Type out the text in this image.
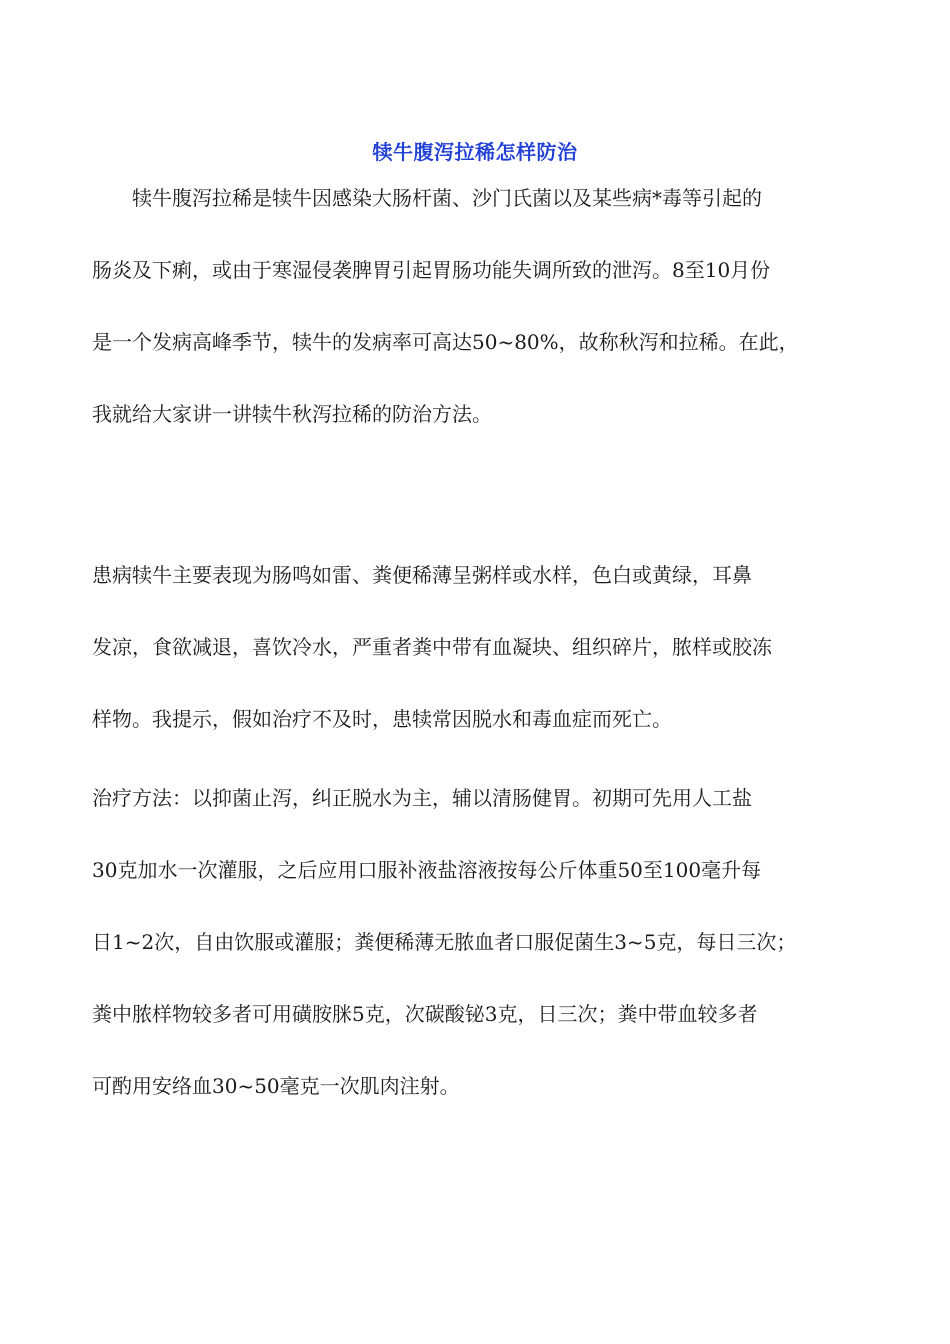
犊牛腹泻拉稀怎样防治
　　犊牛腹泻拉稀是犊牛因感染大肠杆菌、沙门氏菌以及某些病*毒等引起的
肠炎及下痢，或由于寒湿侵袭脾胃引起胃肠功能失调所致的泄泻。8至10月份
是一个发病高峰季节，犊牛的发病率可高达50~80%，故称秋泻和拉稀。在此，
我就给大家讲一讲犊牛秋泻拉稀的防治方法。
患病犊牛主要表现为肠鸣如雷、粪便稀薄呈粥样或水样，色白或黄绿，耳鼻
发凉，食欲减退，喜饮冷水，严重者粪中带有血凝块、组织碎片，脓样或胶冻
样物。我提示，假如治疗不及时，患犊常因脱水和毒血症而死亡。
治疗方法：以抑菌止泻，纠正脱水为主，辅以清肠健胃。初期可先用人工盐
30克加水一次灌服，之后应用口服补液盐溶液按每公斤体重50至100毫升每
日1~2次，自由饮服或灌服；粪便稀薄无脓血者口服促菌生3~5克，每日三次；
粪中脓样物较多者可用磺胺脒5克，次碳酸铋3克，日三次；粪中带血较多者
可酌用安络血30~50毫克一次肌肉注射。
